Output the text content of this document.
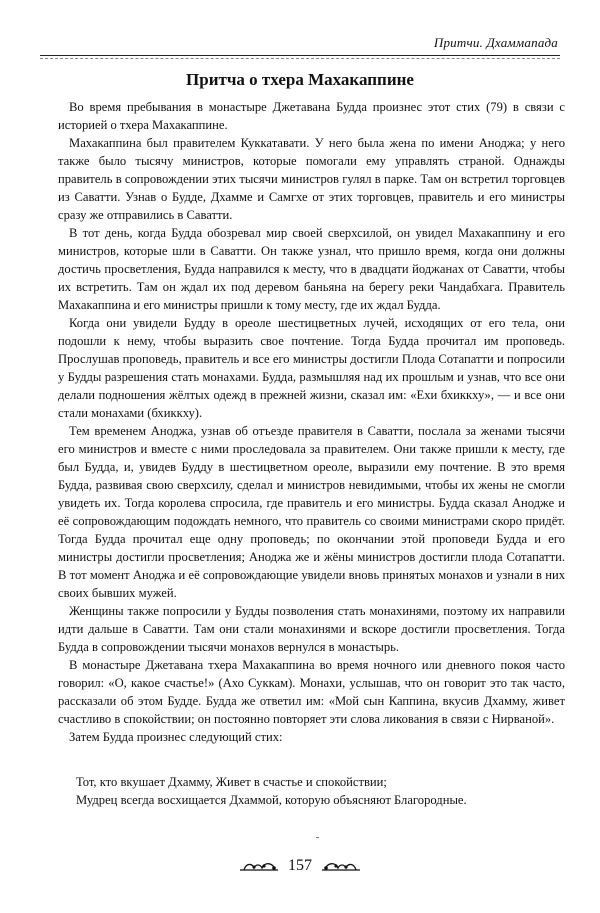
Притчи. Дхаммапада
Притча о тхера Махакаппине

Во время пребывания в монастыре Джетавана Будда произнес этот стих (79) в связи с историей о тхера Махакаппине.

Махакаппина был правителем Куккатавати. У него была жена по имени Аноджа; у него также было тысячу министров, которые помогали ему управлять страной. Однажды правитель в сопровождении этих тысячи министров гулял в парке. Там он встретил торговцев из Саватти. Узнав о Будде, Дхамме и Самгхе от этих торговцев, правитель и его министры сразу же отправились в Саватти.

В тот день, когда Будда обозревал мир своей сверхсилой, он увидел Махакаппину и его министров, которые шли в Саватти. Он также узнал, что пришло время, когда они должны достичь просветления, Будда направился к месту, что в двадцати йоджанах от Саватти, чтобы их встретить. Там он ждал их под деревом баньяна на берегу реки Чандабхага. Правитель Махакаппина и его министры пришли к тому месту, где их ждал Будда.

Когда они увидели Будду в ореоле шестицветных лучей, исходящих от его тела, они подошли к нему, чтобы выразить свое почтение. Тогда Будда прочитал им проповедь. Прослушав проповедь, правитель и все его министры достигли Плода Сотапатти и попросили у Будды разрешения стать монахами. Будда, размышляя над их прошлым и узнав, что все они делали подношения жёлтых одежд в прежней жизни, сказал им: «Ехи бхиккху», — и все они стали монахами (бхиккху).

Тем временем Аноджа, узнав об отъезде правителя в Саватти, послала за женами тысячи его министров и вместе с ними проследовала за правителем. Они также пришли к месту, где был Будда, и, увидев Будду в шестицветном ореоле, выразили ему почтение. В это время Будда, развивая свою сверхсилу, сделал и министров невидимыми, чтобы их жены не смогли увидеть их. Тогда королева спросила, где правитель и его министры. Будда сказал Анодже и её сопровождающим подождать немного, что правитель со своими министрами скоро придёт. Тогда Будда прочитал еще одну проповедь; по окончании этой проповеди Будда и его министры достигли просветления; Аноджа же и жёны министров достигли плода Сотапатти. В тот момент Аноджа и её сопровождающие увидели вновь принятых монахов и узнали в них своих бывших мужей.

Женщины также попросили у Будды позволения стать монахинями, поэтому их направили идти дальше в Саватти. Там они стали монахинями и вскоре достигли просветления. Тогда Будда в сопровождении тысячи монахов вернулся в монастырь.

В монастыре Джетавана тхера Махакаппина во время ночного или дневного покоя часто говорил: «О, какое счастье!» (Ахо Суккам). Монахи, услышав, что он говорит это так часто, рассказали об этом Будде. Будда же ответил им: «Мой сын Каппина, вкусив Дхамму, живет счастливо в спокойствии; он постоянно повторяет эти слова ликования в связи с Нирваной».

Затем Будда произнес следующий стих:

Тот, кто вкушает Дхамму, Живет в счастье и спокойствии;
Мудрец всегда восхищается Дхаммой, которую объясняют Благородные.
157
